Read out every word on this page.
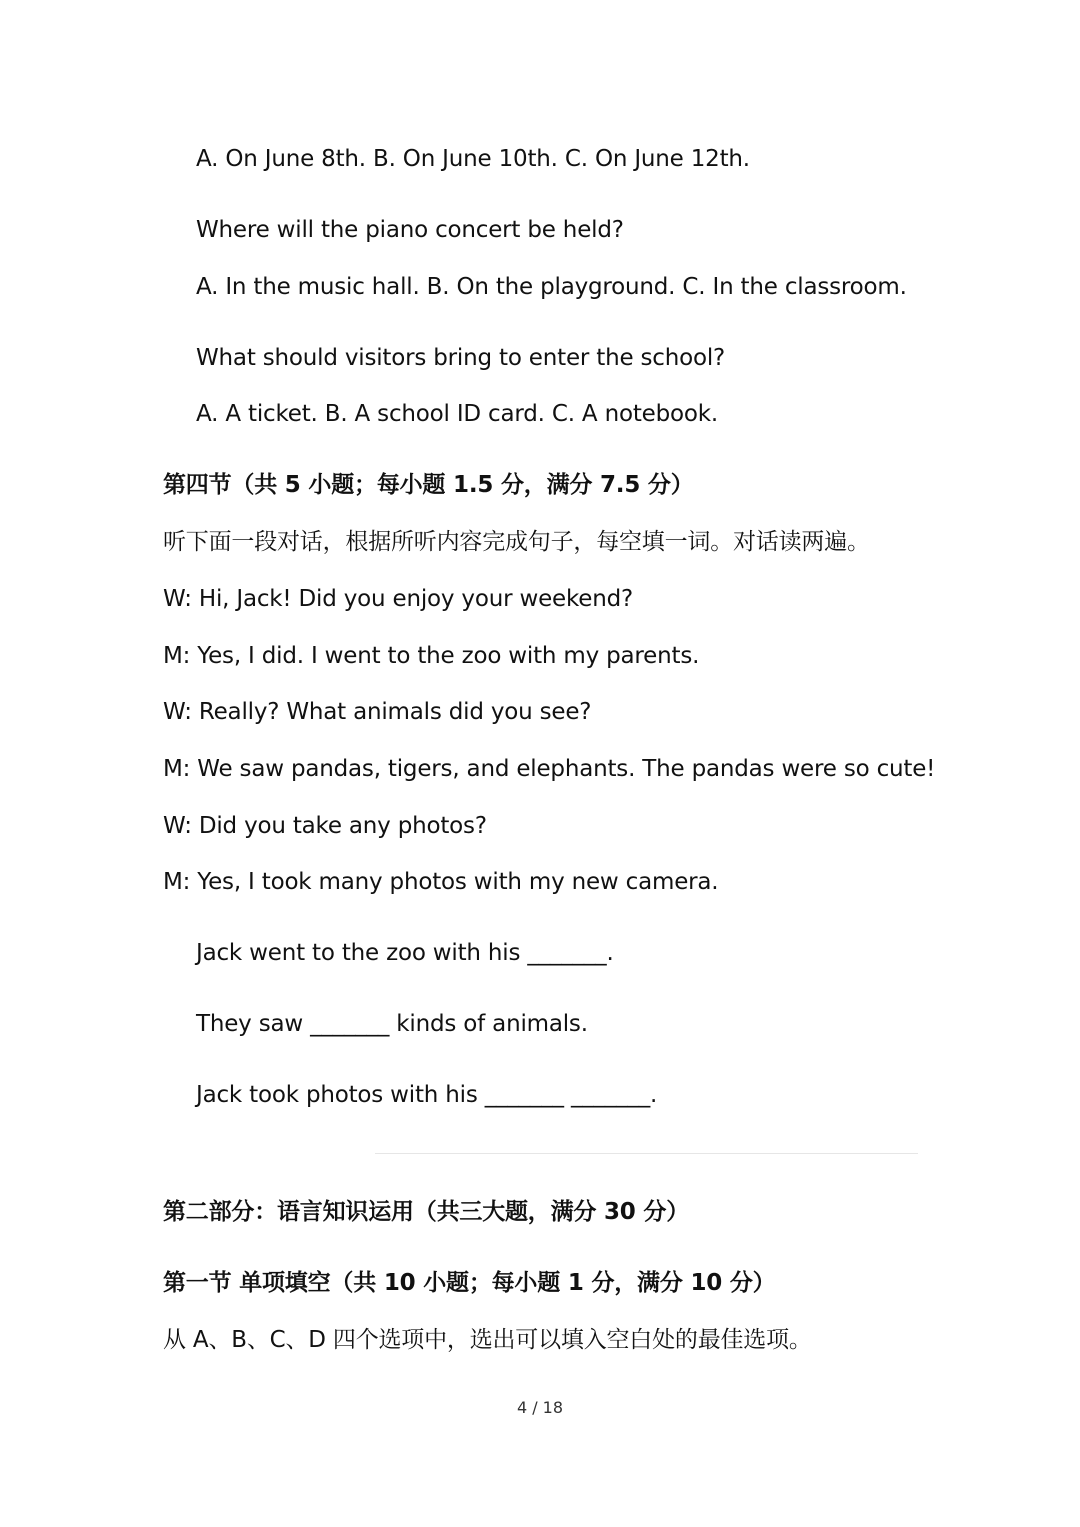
A. On June 8th. B. On June 10th. C. On June 12th.
Where will the piano concert be held?
A. In the music hall. B. On the playground. C. In the classroom.
What should visitors bring to enter the school?
A. A ticket. B. A school ID card. C. A notebook.
第四节（共 5 小题；每小题 1.5 分，满分 7.5 分）
听下面一段对话，根据所听内容完成句子，每空填一词。对话读两遍。
W: Hi, Jack! Did you enjoy your weekend?
M: Yes, I did. I went to the zoo with my parents.
W: Really? What animals did you see?
M: We saw pandas, tigers, and elephants. The pandas were so cute!
W: Did you take any photos?
M: Yes, I took many photos with my new camera.
Jack went to the zoo with his _______.
They saw _______ kinds of animals.
Jack took photos with his _______ _______.
第二部分：语言知识运用（共三大题，满分 30 分）
第一节 单项填空（共 10 小题；每小题 1 分，满分 10 分）
从 A、B、C、D 四个选项中，选出可以填入空白处的最佳选项。
4 / 18
